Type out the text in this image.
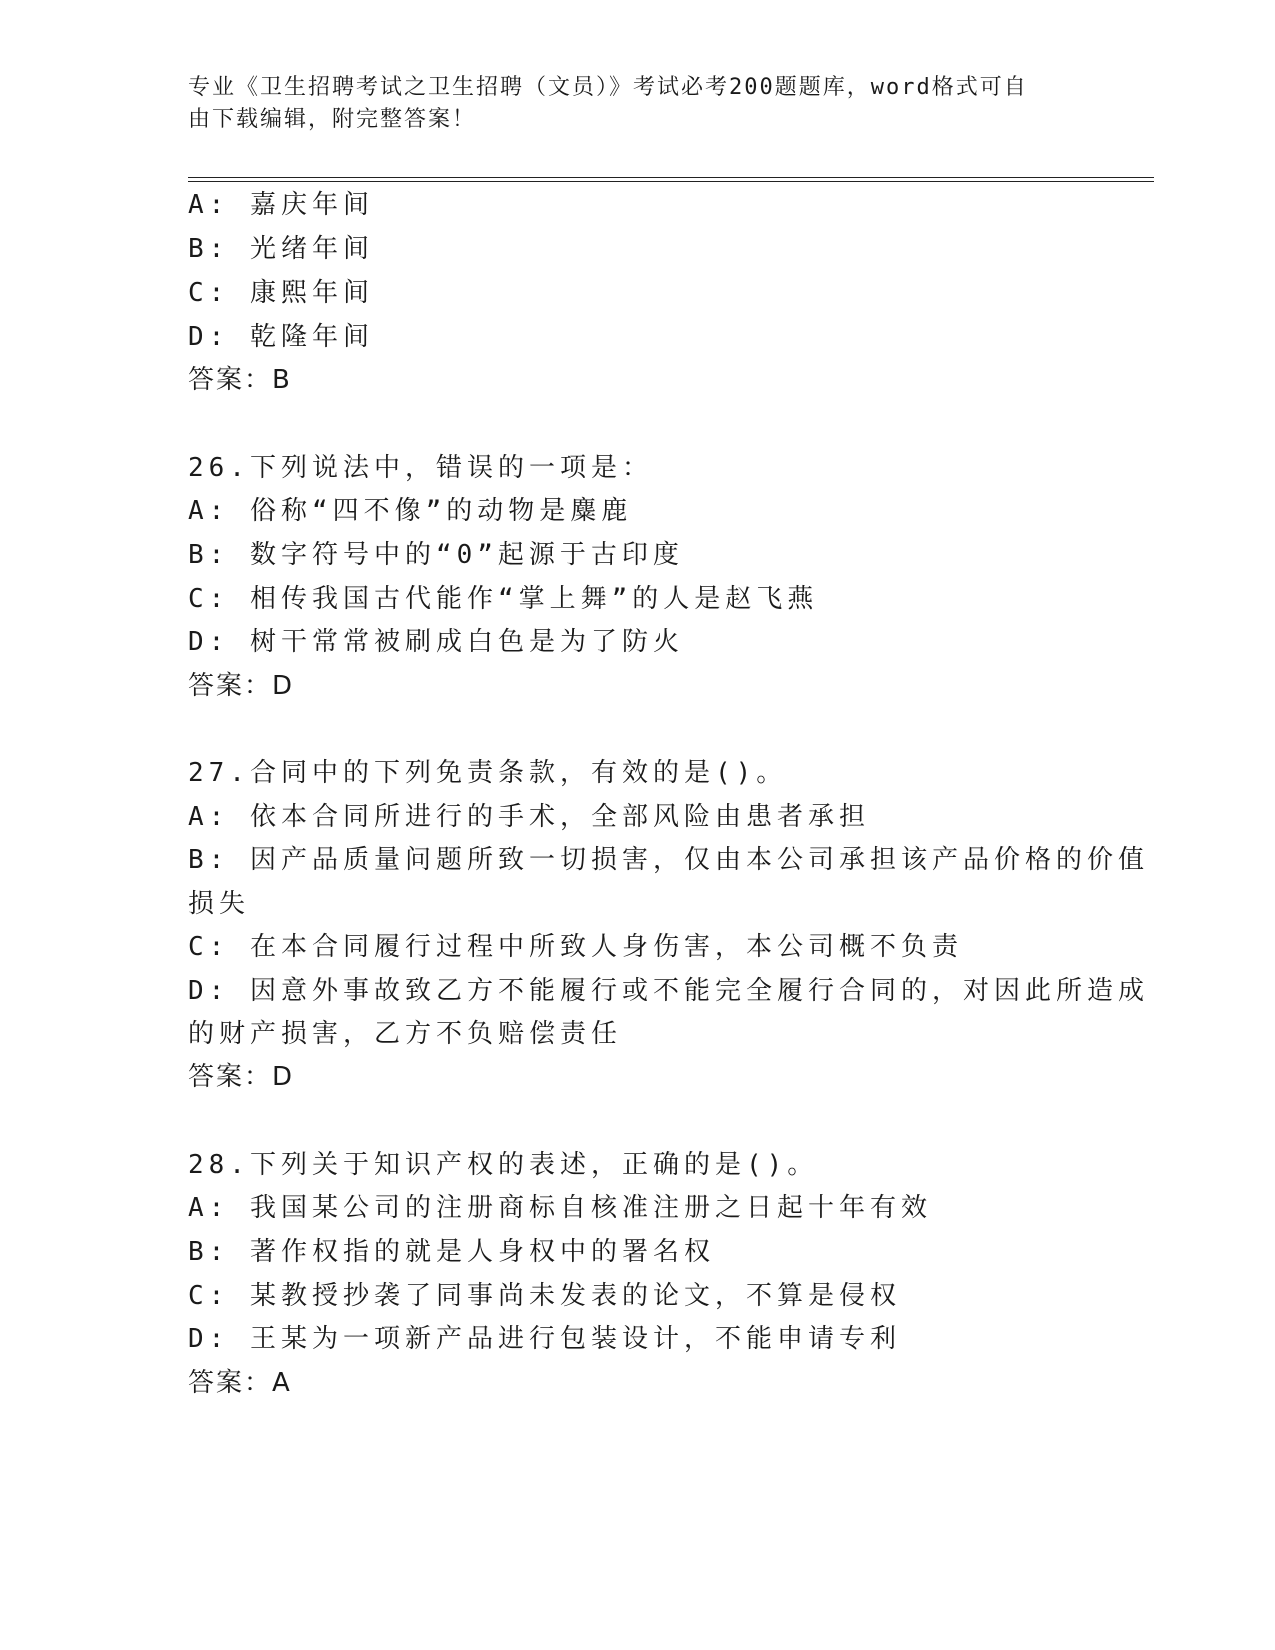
专业《卫生招聘考试之卫生招聘（文员）》考试必考200题题库，word格式可自
由下载编辑，附完整答案！
A: 嘉庆年间
B: 光绪年间
C: 康熙年间
D: 乾隆年间
答案：B
26.下列说法中，错误的一项是：
A: 俗称“四不像”的动物是麋鹿
B: 数字符号中的“0”起源于古印度
C: 相传我国古代能作“掌上舞”的人是赵飞燕
D: 树干常常被刷成白色是为了防火
答案：D
27.合同中的下列免责条款，有效的是()。
A: 依本合同所进行的手术，全部风险由患者承担
B: 因产品质量问题所致一切损害，仅由本公司承担该产品价格的价值
损失
C: 在本合同履行过程中所致人身伤害，本公司概不负责
D: 因意外事故致乙方不能履行或不能完全履行合同的，对因此所造成
的财产损害，乙方不负赔偿责任
答案：D
28.下列关于知识产权的表述，正确的是()。
A: 我国某公司的注册商标自核准注册之日起十年有效
B: 著作权指的就是人身权中的署名权
C: 某教授抄袭了同事尚未发表的论文，不算是侵权
D: 王某为一项新产品进行包装设计，不能申请专利
答案：A
